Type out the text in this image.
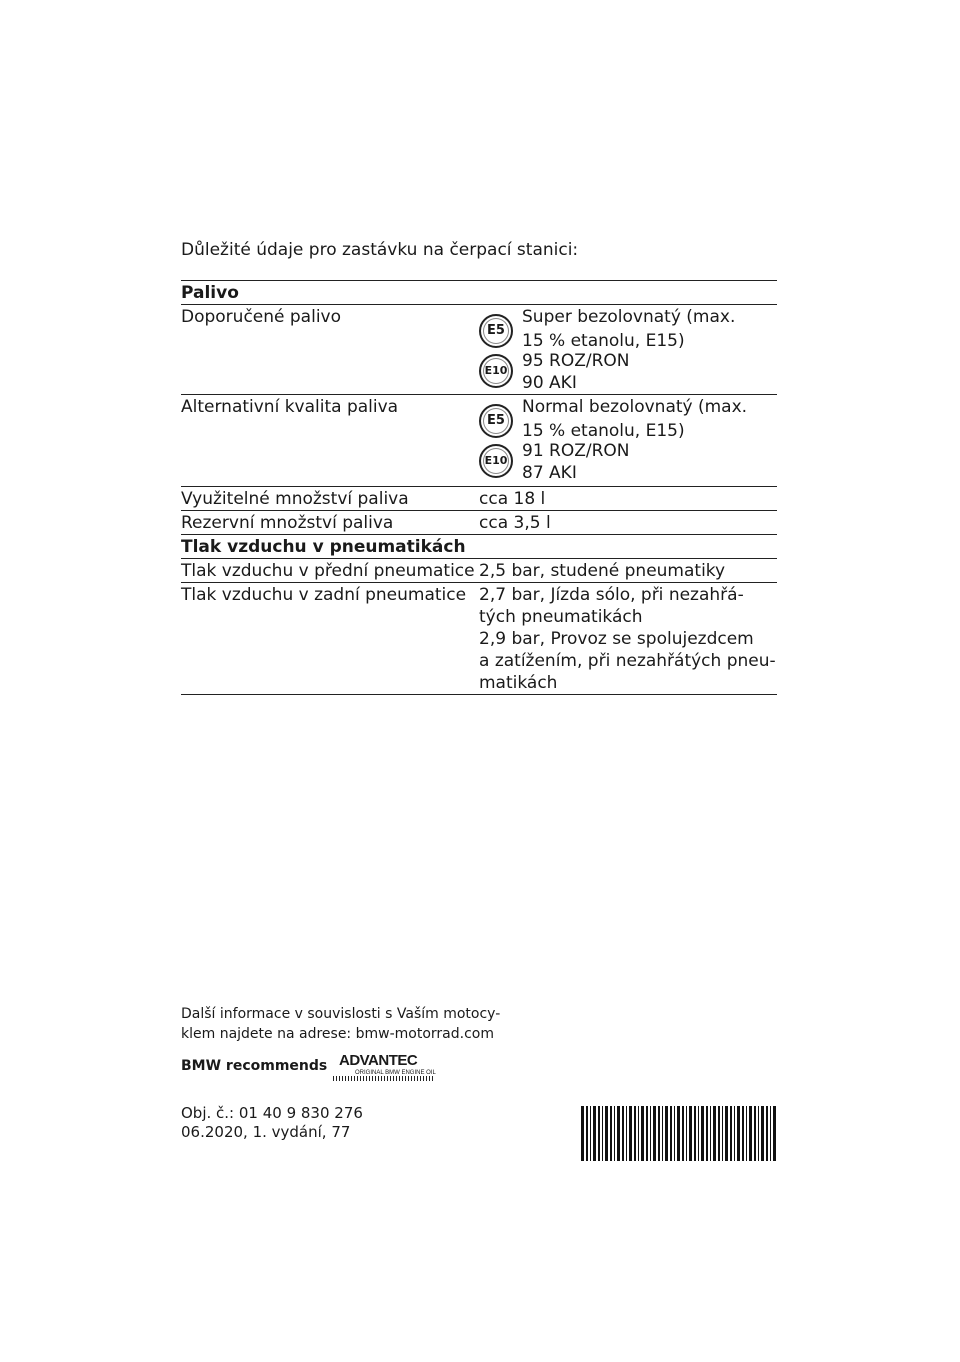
Důležité údaje pro zastávku na čerpací stanici:
Palivo
Doporučené palivo
E5
E10
Super bezolovnatý (max.
15 % etanolu, E15)
95 ROZ/RON
90 AKI
Alternativní kvalita paliva
E5
E10
Normal bezolovnatý (max.
15 % etanolu, E15)
91 ROZ/RON
87 AKI
Využitelné množství paliva	cca 18 l
Rezervní množství paliva	cca 3,5 l
Tlak vzduchu v pneumatikách
Tlak vzduchu v přední pneumatice 2,5 bar, studené pneumatiky
Tlak vzduchu v zadní pneumatice 2,7 bar, Jízda sólo, při nezahřá-
tých pneumatikách
2,9 bar, Provoz se spolujezdcem
a zatížením, při nezahřátých pneu-
matikách
Další informace v souvislosti s Vaším motocy-
klem najdete na adrese: bmw-motorrad.com
BMW recommends ADVANTEC
ORIGINAL BMW ENGINE OIL
Obj. č.: 01 40 9 830 276
06.2020, 1. vydání, 77
